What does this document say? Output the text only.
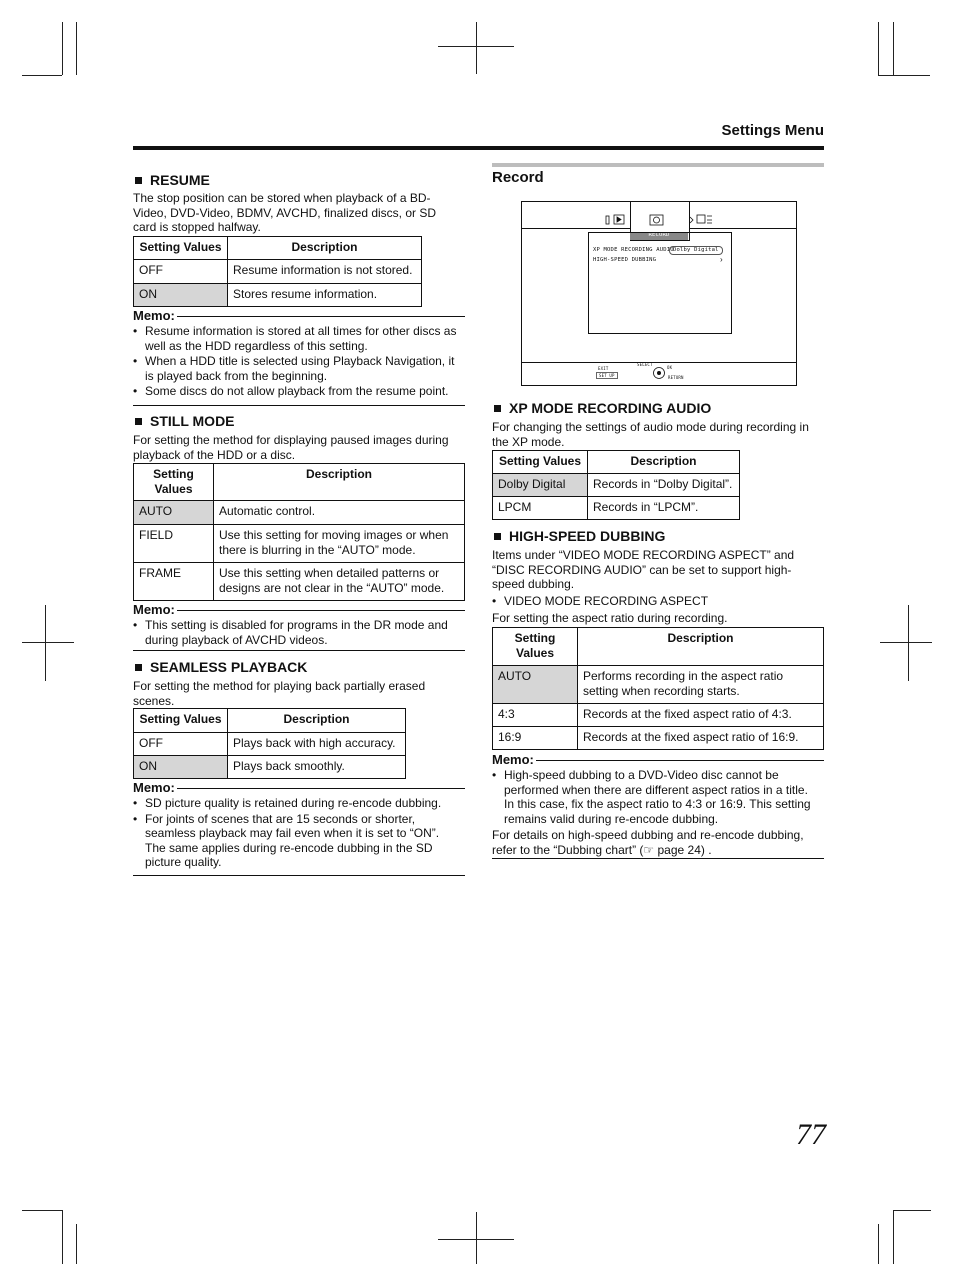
Settings Menu
RESUME

The stop position can be stored when playback of a BD-Video, DVD-Video, BDMV, AVCHD, finalized discs, or SD card is stopped halfway.

Setting Values	Description
OFF	Resume information is not stored.
ON	Stores resume information.
Memo:
• Resume information is stored at all times for other discs as well as the HDD regardless of this setting.
• When a HDD title is selected using Playback Navigation, it is played back from the beginning.
• Some discs do not allow playback from the resume point.
STILL MODE

For setting the method for displaying paused images during playback of the HDD or a disc.

Setting Values	Description
AUTO	Automatic control.
FIELD	Use this setting for moving images or when there is blurring in the “AUTO” mode.
FRAME	Use this setting when detailed patterns or designs are not clear in the “AUTO” mode.
Memo:
• This setting is disabled for programs in the DR mode and during playback of AVCHD videos.
SEAMLESS PLAYBACK

For setting the method for playing back partially erased scenes.

Setting Values	Description
OFF	Plays back with high accuracy.
ON	Plays back smoothly.
Memo:
• SD picture quality is retained during re-encode dubbing.
• For joints of scenes that are 15 seconds or shorter, seamless playback may fail even when it is set to “ON”. The same applies during re-encode dubbing in the SD picture quality.
Record
RECORD
XP MODE RECORDING AUDIO Dolby Digital
HIGH-SPEED DUBBING	›
EXIT
SET UP
SELECT
OK
RETURN
XP MODE RECORDING AUDIO

For changing the settings of audio mode during recording in the XP mode.

Setting Values	Description
Dolby Digital	Records in “Dolby Digital”.
LPCM	Records in “LPCM”.
HIGH-SPEED DUBBING

Items under “VIDEO MODE RECORDING ASPECT” and “DISC RECORDING AUDIO” can be set to support high-speed dubbing.

• VIDEO MODE RECORDING ASPECT

For setting the aspect ratio during recording.

Setting Values	Description
AUTO	Performs recording in the aspect ratio setting when recording starts.
4:3	Records at the fixed aspect ratio of 4:3.
16:9	Records at the fixed aspect ratio of 16:9.
Memo:
• High-speed dubbing to a DVD-Video disc cannot be performed when there are different aspect ratios in a title. In this case, fix the aspect ratio to 4:3 or 16:9. This setting remains valid during re-encode dubbing.

For details on high-speed dubbing and re-encode dubbing, refer to the “Dubbing chart” (☞ page 24) .

77
